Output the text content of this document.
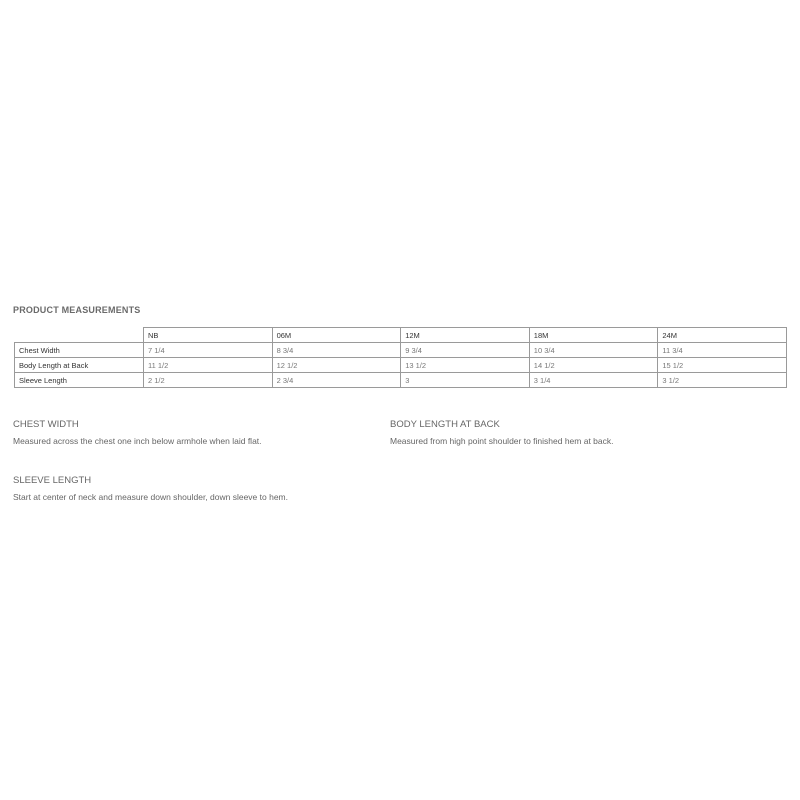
PRODUCT MEASUREMENTS
	NB	06M	12M	18M	24M
Chest Width	7 1/4	8 3/4	9 3/4	10 3/4	11 3/4
Body Length at Back	11 1/2	12 1/2	13 1/2	14 1/2	15 1/2
Sleeve Length	2 1/2	2 3/4	3	3 1/4	3 1/2
CHEST WIDTH

Measured across the chest one inch below armhole when laid flat.

BODY LENGTH AT BACK

Measured from high point shoulder to finished hem at back.

SLEEVE LENGTH

Start at center of neck and measure down shoulder, down sleeve to hem.
